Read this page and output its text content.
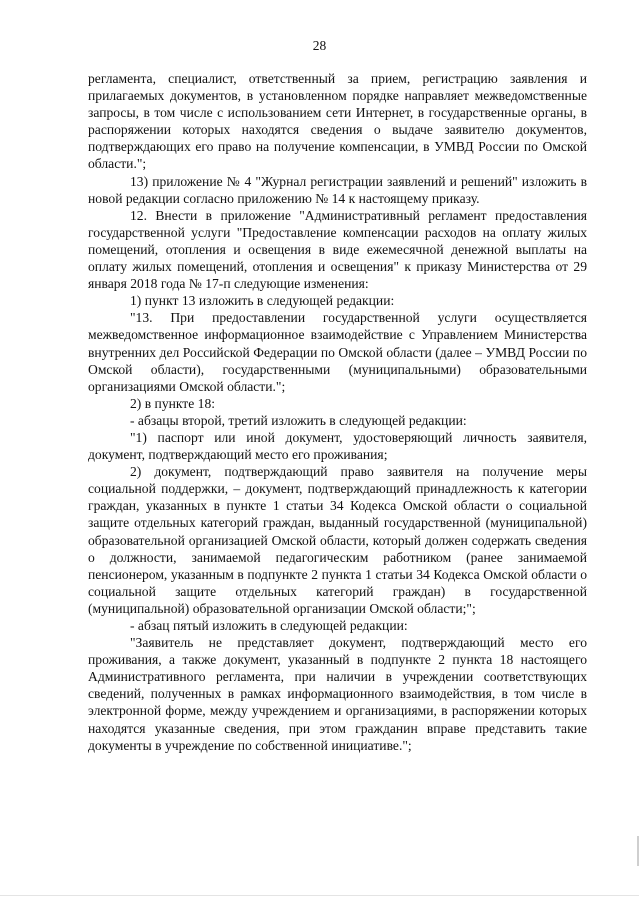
28

регламента, специалист, ответственный за прием, регистрацию заявления и прилагаемых документов, в установленном порядке направляет межведомственные запросы, в том числе с использованием сети Интернет, в государственные органы, в распоряжении которых находятся сведения о выдаче заявителю документов, подтверждающих его право на получение компенсации, в УМВД России по Омской области.";

13) приложение № 4 "Журнал регистрации заявлений и решений" изложить в новой редакции согласно приложению № 14 к настоящему приказу.

12. Внести в приложение "Административный регламент предоставления государственной услуги "Предоставление компенсации расходов на оплату жилых помещений, отопления и освещения в виде ежемесячной денежной выплаты на оплату жилых помещений, отопления и освещения" к приказу Министерства от 29 января 2018 года № 17-п следующие изменения:

1) пункт 13 изложить в следующей редакции:

"13. При предоставлении государственной услуги осуществляется межведомственное информационное взаимодействие с Управлением Министерства внутренних дел Российской Федерации по Омской области (далее – УМВД России по Омской области), государственными (муниципальными) образовательными организациями Омской области.";

2) в пункте 18:

- абзацы второй, третий изложить в следующей редакции:

"1) паспорт или иной документ, удостоверяющий личность заявителя, документ, подтверждающий место его проживания;

2) документ, подтверждающий право заявителя на получение меры социальной поддержки, – документ, подтверждающий принадлежность к категории граждан, указанных в пункте 1 статьи 34 Кодекса Омской области о социальной защите отдельных категорий граждан, выданный государственной (муниципальной) образовательной организацией Омской области, который должен содержать сведения о должности, занимаемой педагогическим работником (ранее занимаемой пенсионером, указанным в подпункте 2 пункта 1 статьи 34 Кодекса Омской области о социальной защите отдельных категорий граждан) в государственной (муниципальной) образовательной организации Омской области;";

- абзац пятый изложить в следующей редакции:

"Заявитель не представляет документ, подтверждающий место его проживания, а также документ, указанный в подпункте 2 пункта 18 настоящего Административного регламента, при наличии в учреждении соответствующих сведений, полученных в рамках информационного взаимодействия, в том числе в электронной форме, между учреждением и организациями, в распоряжении которых находятся указанные сведения, при этом гражданин вправе представить такие документы в учреждение по собственной инициативе.";
